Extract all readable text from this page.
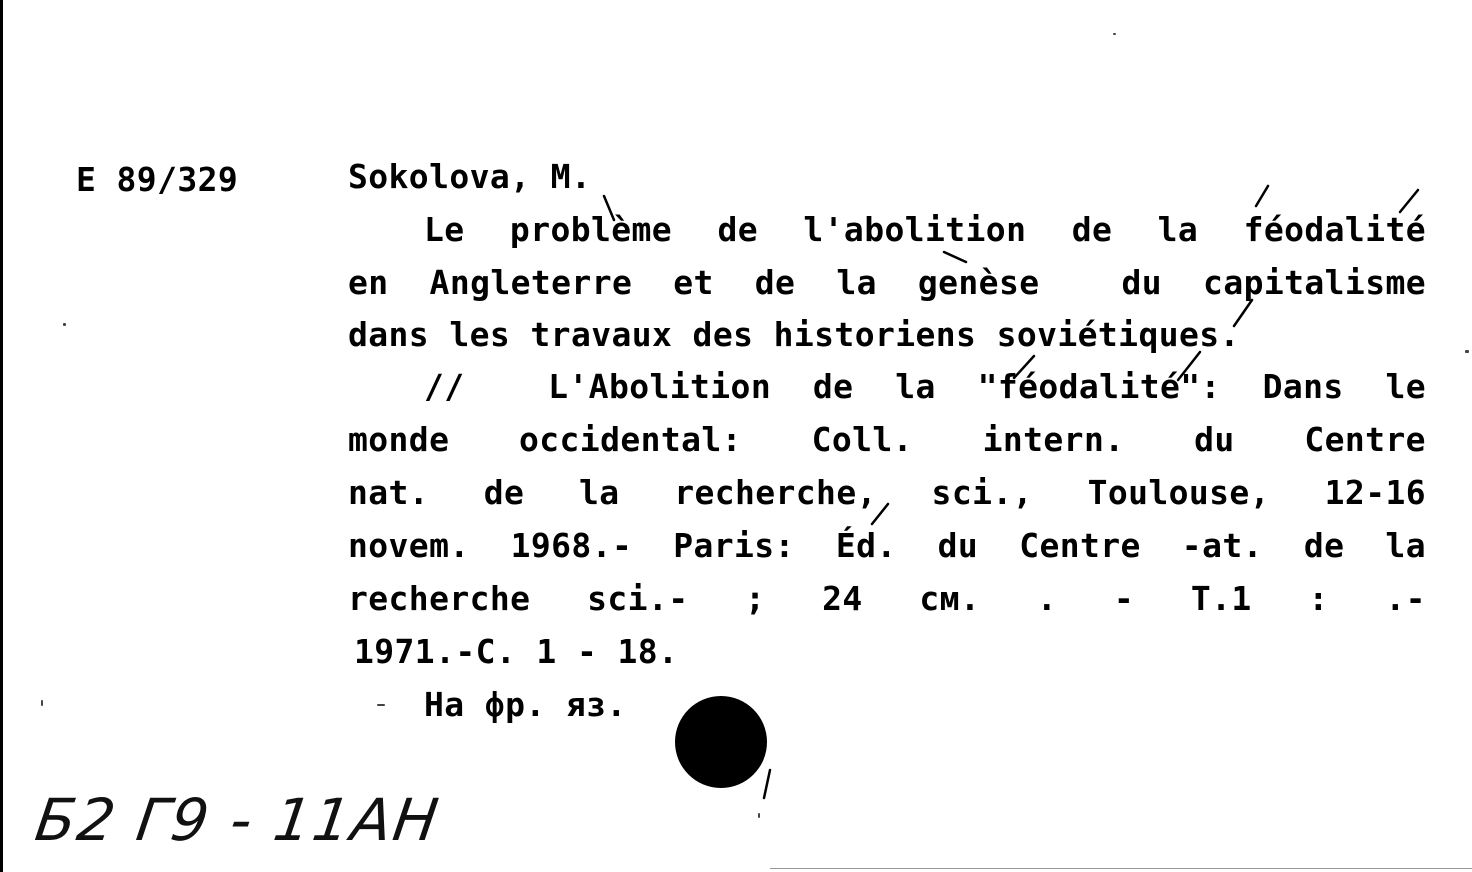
E 89/329	Sokolova, M.
Le problème de l'abolition de la féodalité
en Angleterre et de la genèse  du capitalisme
dans les travaux des historiens soviétiques.
//  L'Abolition de la "féodalité": Dans le
monde occidental: Coll. intern. du Centre
nat. de la recherche, sci., Toulouse, 12-16
novem. 1968.- Paris: Éd. du Centre -at. de la
recherche sci.- ; 24 см. . - Т.1 : .-
1971.-С. 1 - 18.
На фр. яз.
Б2 Г9 - 11АН
